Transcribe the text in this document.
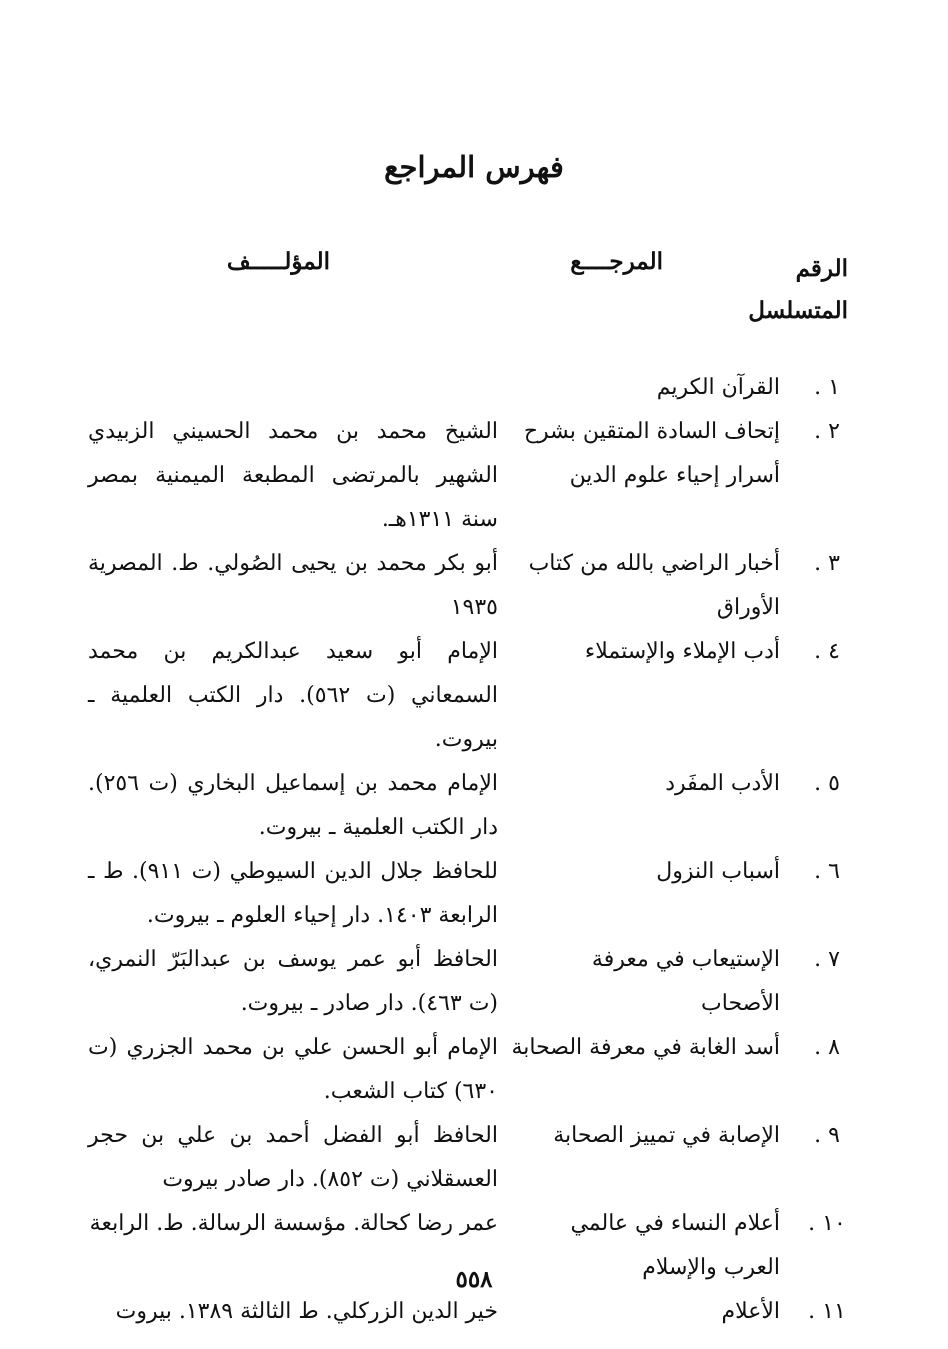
فهرس المراجع
الرقم
المتسلسل
المرجــــع
المؤلـــــف
١ .
القرآن الكريم
٢ .
إتحاف السادة المتقين بشرح أسرار إحياء علوم الدين
الشيخ محمد بن محمد الحسيني الزبيدي الشهير بالمرتضى المطبعة الميمنية بمصر سنة ١٣١١هـ.
٣ .
أخبار الراضي بالله من كتاب الأوراق
أبو بكر محمد بن يحيى الصُولي. ط. المصرية ١٩٣٥
٤ .
أدب الإملاء والإستملاء
الإمام أبو سعيد عبدالكريم بن محمد السمعاني (ت ٥٦٢). دار الكتب العلمية ـ بيروت.
٥ .
الأدب المفَرد
الإمام محمد بن إسماعيل البخاري (ت ٢٥٦). دار الكتب العلمية ـ بيروت.
٦ .
أسباب النزول
للحافظ جلال الدين السيوطي (ت ٩١١). ط ـ الرابعة ١٤٠٣. دار إحياء العلوم ـ بيروت.
٧ .
الإستيعاب في معرفة الأصحاب
الحافظ أبو عمر يوسف بن عبدالبَرّ النمري، (ت ٤٦٣). دار صادر ـ بيروت.
٨ .
أسد الغابة في معرفة الصحابة
الإمام أبو الحسن علي بن محمد الجزري (ت ٦٣٠) كتاب الشعب.
٩ .
الإصابة في تمييز الصحابة
الحافظ أبو الفضل أحمد بن علي بن حجر العسقلاني (ت ٨٥٢). دار صادر بيروت
١٠ .
أعلام النساء في عالمي العرب والإسلام
عمر رضا كحالة. مؤسسة الرسالة. ط. الرابعة
١١ .
الأعلام
خير الدين الزركلي. ط الثالثة ١٣٨٩. بيروت
٥٥٨
